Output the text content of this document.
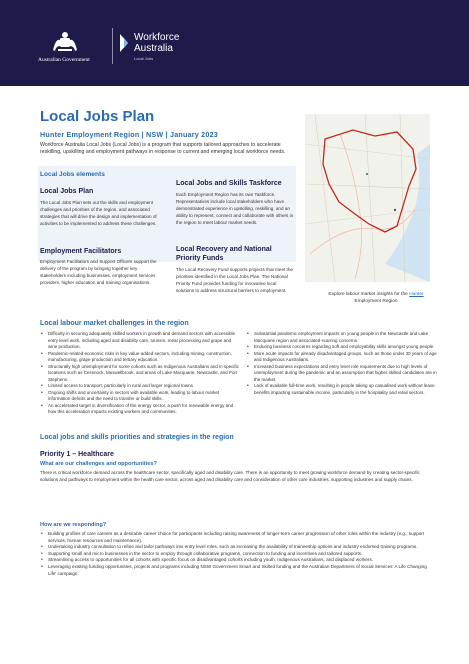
Australian Government
Workforce
Australia
Local Jobs
Local Jobs Plan
Hunter Employment Region | NSW | January 2023
Workforce Australia Local Jobs (Local Jobs) is a program that supports tailored approaches to accelerate reskilling, upskilling and employment pathways in response to current and emerging local workforce needs.
Local Jobs elements
Local Jobs Plan
The Local Jobs Plan sets out the skills and employment challenges and priorities of the region, and associated strategies that will drive the design and implementation of activities to be implemented to address these challenges.
Employment Facilitators
Employment Facilitators and Support Officers support the delivery of the program by bringing together key stakeholders including businesses, employment services providers, higher education and training organisations.
Local Jobs and Skills Taskforce
Each Employment Region has its own Taskforce. Representatives include local stakeholders who have demonstrated experience in upskilling, reskilling, and an ability to represent, connect and collaborate with others in the region to meet labour market needs.
Local Recovery and National Priority Funds
The Local Recovery Fund supports projects that meet the priorities identified in the Local Jobs Plan. The National Priority Fund provides funding for innovative local solutions to address structural barriers to employment.
Explore labour market insights for the Hunter Employment Region
Local labour market challenges in the region
• Difficulty in securing adequately skilled workers in growth and demand sectors with accessible entry level work, including aged and disability care, tourism, meat processing and grape and wine production.
• Pandemic-related economic risks in key value-added sectors, including mining, construction, manufacturing, grape production and tertiary education.
• Structurally high unemployment for some cohorts such as Indigenous Australians and in specific locations such as Cessnock, Muswellbrook, and areas of Lake Macquarie, Newcastle, and Port Stephens.
• Limited access to transport, particularly in rural and larger regional towns.
• Ongoing shifts and uncertainty in sectors with available work, leading to labour market information deficits and the need to transfer or build skills.
• An accelerated target in diversification of the energy sector, a push for renewable energy and how this acceleration impacts existing workers and communities.
• Substantial pandemic employment impacts on young people in the Newcastle and Lake Macquarie region and associated scarring concerns.
• Enduring business concerns regarding soft and employability skills amongst young people.
• More acute impacts for already disadvantaged groups, such as those under 30 years of age and Indigenous Australians.
• Increased business expectations and entry level role requirements due to high levels of unemployment during the pandemic and an assumption that higher skilled candidates are in the market.
• Lack of available full-time work, resulting in people taking up casualised work without leave benefits impacting sustainable income, particularly in the hospitality and retail sectors.
Local jobs and skills priorities and strategies in the region
Priority 1 – Healthcare
What are our challenges and opportunities?
There is critical workforce demand across the healthcare sector, specifically aged and disability care. There is an opportunity to meet growing workforce demand by creating sector-specific solutions and pathways to employment within the health care sector, across aged and disability care and consideration of other care industries, supporting industries and supply chains.
How are we responding?
• Building profiles of care careers as a desirable career choice for participants including raising awareness of longer-term career progression of other roles within the industry (e.g., support services, human resources and maintenance).
• Undertaking industry consultation to refine and tailor pathways into entry level roles, such as increasing the availability of traineeship options and industry endorsed training programs.
• Supporting small and micro businesses in the sector to employ through collaborative programs, connection to funding and incentives and tailored supports.
• Streamlining access to opportunities for all cohorts with specific focus on disadvantaged cohorts including youth, Indigenous Australians, and displaced workers.
• Leveraging existing funding opportunities, projects and programs including NSW Government Smart and Skilled funding and the Australian Department of Social Services' A Life Changing Life' campaign.
